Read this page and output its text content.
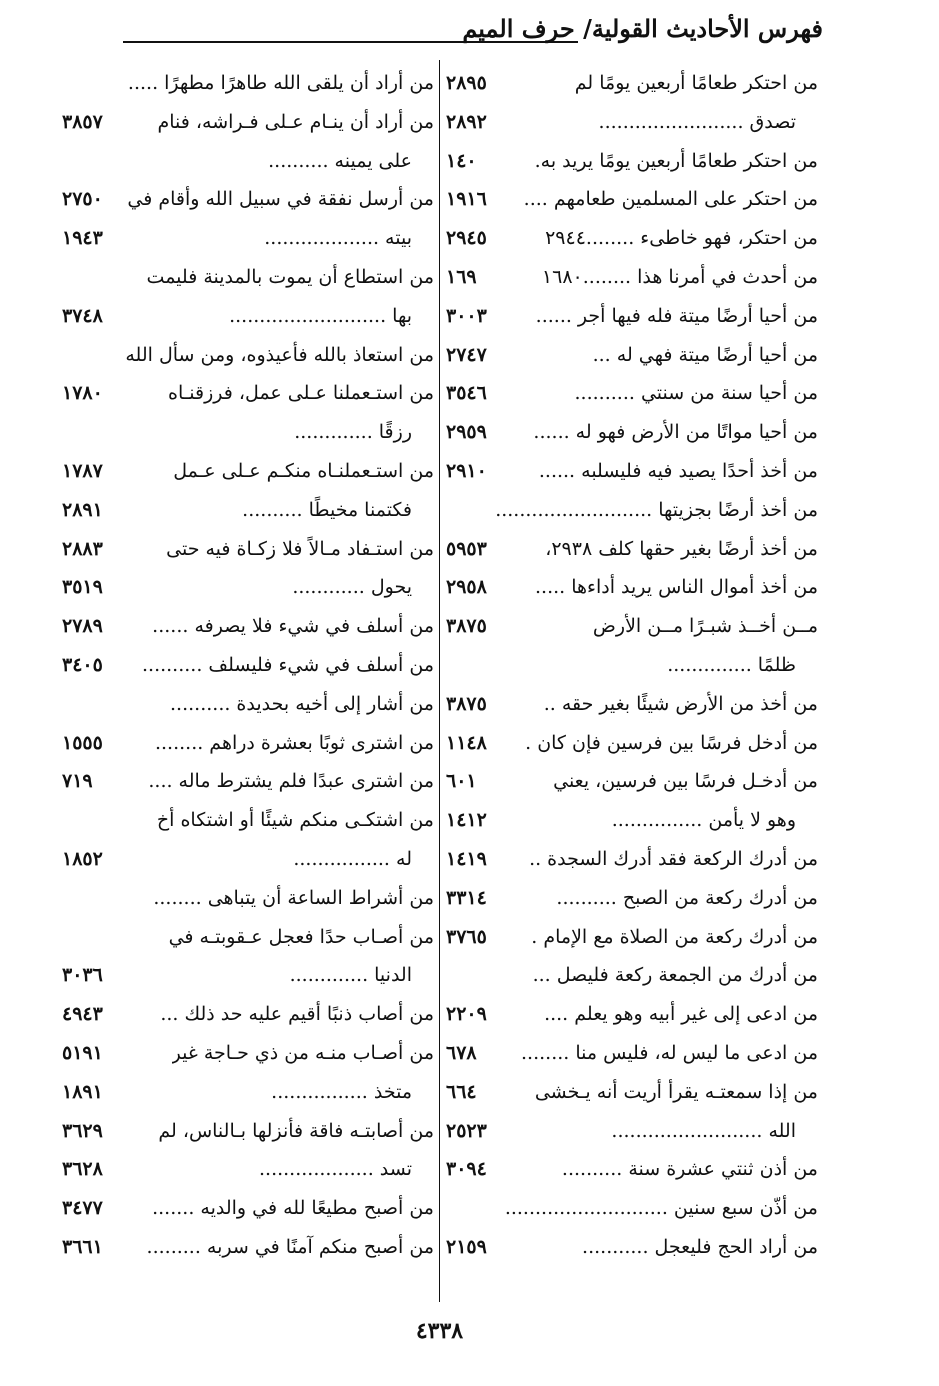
فهرس الأحاديث القولية/ حرف الميم
من احتكر طعامًا أربعين يومًا لم
٢٨٩٥
تصدق ........................
٢٨٩٢
من احتكر طعامًا أربعين يومًا يريد به.
١٤٠
من احتكر على المسلمين طعامهم ....
١٩١٦
من احتكر، فهو خاطىء ........٢٩٤٤
٢٩٤٥
من أحدث في أمرنا هذا ........١٦٨٠
١٦٩
من أحيا أرضًا ميتة فله فيها أجر ......
٣٠٠٣
من أحيا أرضًا ميتة فهي له ...
٢٧٤٧
من أحيا سنة من سنتي ..........
٣٥٤٦
من أحيا مواتًا من الأرض فهو له ......
٢٩٥٩
من أخذ أحدًا يصيد فيه فليسلبه ......
٢٩١٠
من أخذ أرضًا بجزيتها ..........................
من أخذ أرضًا بغير حقها كلف ٢٩٣٨،
٥٩٥٣
من أخذ أموال الناس يريد أداءها .....
٢٩٥٨
مــن أخــذ شبـرًا مــن الأرض
٣٨٧٥
ظلمًا ..............
من أخذ من الأرض شيئًا بغير حقه ..
٣٨٧٥
من أدخل فرسًا بين فرسين فإن كان .
١١٤٨
من أدخـل فرسًا بين فرسين، يعني
٦٠١
وهو لا يأمن ...............
١٤١٢
من أدرك الركعة فقد أدرك السجدة ..
١٤١٩
من أدرك ركعة من الصبح ..........
٣٣١٤
من أدرك ركعة من الصلاة مع الإمام .
٣٧٦٥
من أدرك من الجمعة ركعة فليصل ...
من ادعى إلى غير أبيه وهو يعلم ....
٢٢٠٩
من ادعى ما ليس له، فليس منا ........
٦٧٨
من إذا سمعتـه يقرأ أريت أنه يـخشى
٦٦٤
الله .........................
٢٥٢٣
من أذن ثنتي عشرة سنة ..........
٣٠٩٤
من أذّن سبع سنين ...........................
من أراد الحج فليعجل ...........
٢١٥٩
من أراد أن يلقى الله طاهرًا مطهرًا .....
من أراد أن ينـام عـلى فـراشه، فنام
٣٨٥٧
على يمينه ..........
من أرسل نفقة في سبيل الله وأقام في
٢٧٥٠
بيته ...................
١٩٤٣
من استطاع أن يموت بالمدينة فليمت
بها ..........................
٣٧٤٨
من استعاذ بالله فأعيذوه، ومن سأل الله
من استـعملنا عـلى عمل، فرزقنـاه
١٧٨٠
رزقًا .............
من استـعملنـاه منكـم عـلى عـمل
١٧٨٧
فكتمنا مخيطًا ..........
٢٨٩١
من استـفاد مـالاً فلا زكـاة فيه حتى
٢٨٨٣
يحول ............
٣٥١٩
من أسلف في شيء فلا يصرفه ......
٢٧٨٩
من أسلف في شيء فليسلف ..........
٣٤٠٥
من أشار إلى أخيه بحديدة ..........
من اشترى ثوبًا بعشرة دراهم ........
١٥٥٥
من اشترى عبدًا فلم يشترط ماله ....
٧١٩
من اشتكـى منكم شيئًا أو اشتكاه أخ
له ................
١٨٥٢
من أشراط الساعة أن يتباهى ........
من أصـاب حدًا فعجل عـقوبتـه في
الدنيا .............
٣٠٣٦
من أصاب ذنبًا أقيم عليه حد ذلك ...
٤٩٤٣
من أصـاب منـه من ذي حـاجة غير
٥١٩١
متخذ ................
١٨٩١
من أصابتـه فاقة فأنزلها بـالناس، لم
٣٦٢٩
تسد ...................
٣٦٢٨
من أصبح مطيعًا لله في والديه .......
٣٤٧٧
من أصبح منكم آمنًا في سربه .........
٣٦٦١
٤٣٣٨
